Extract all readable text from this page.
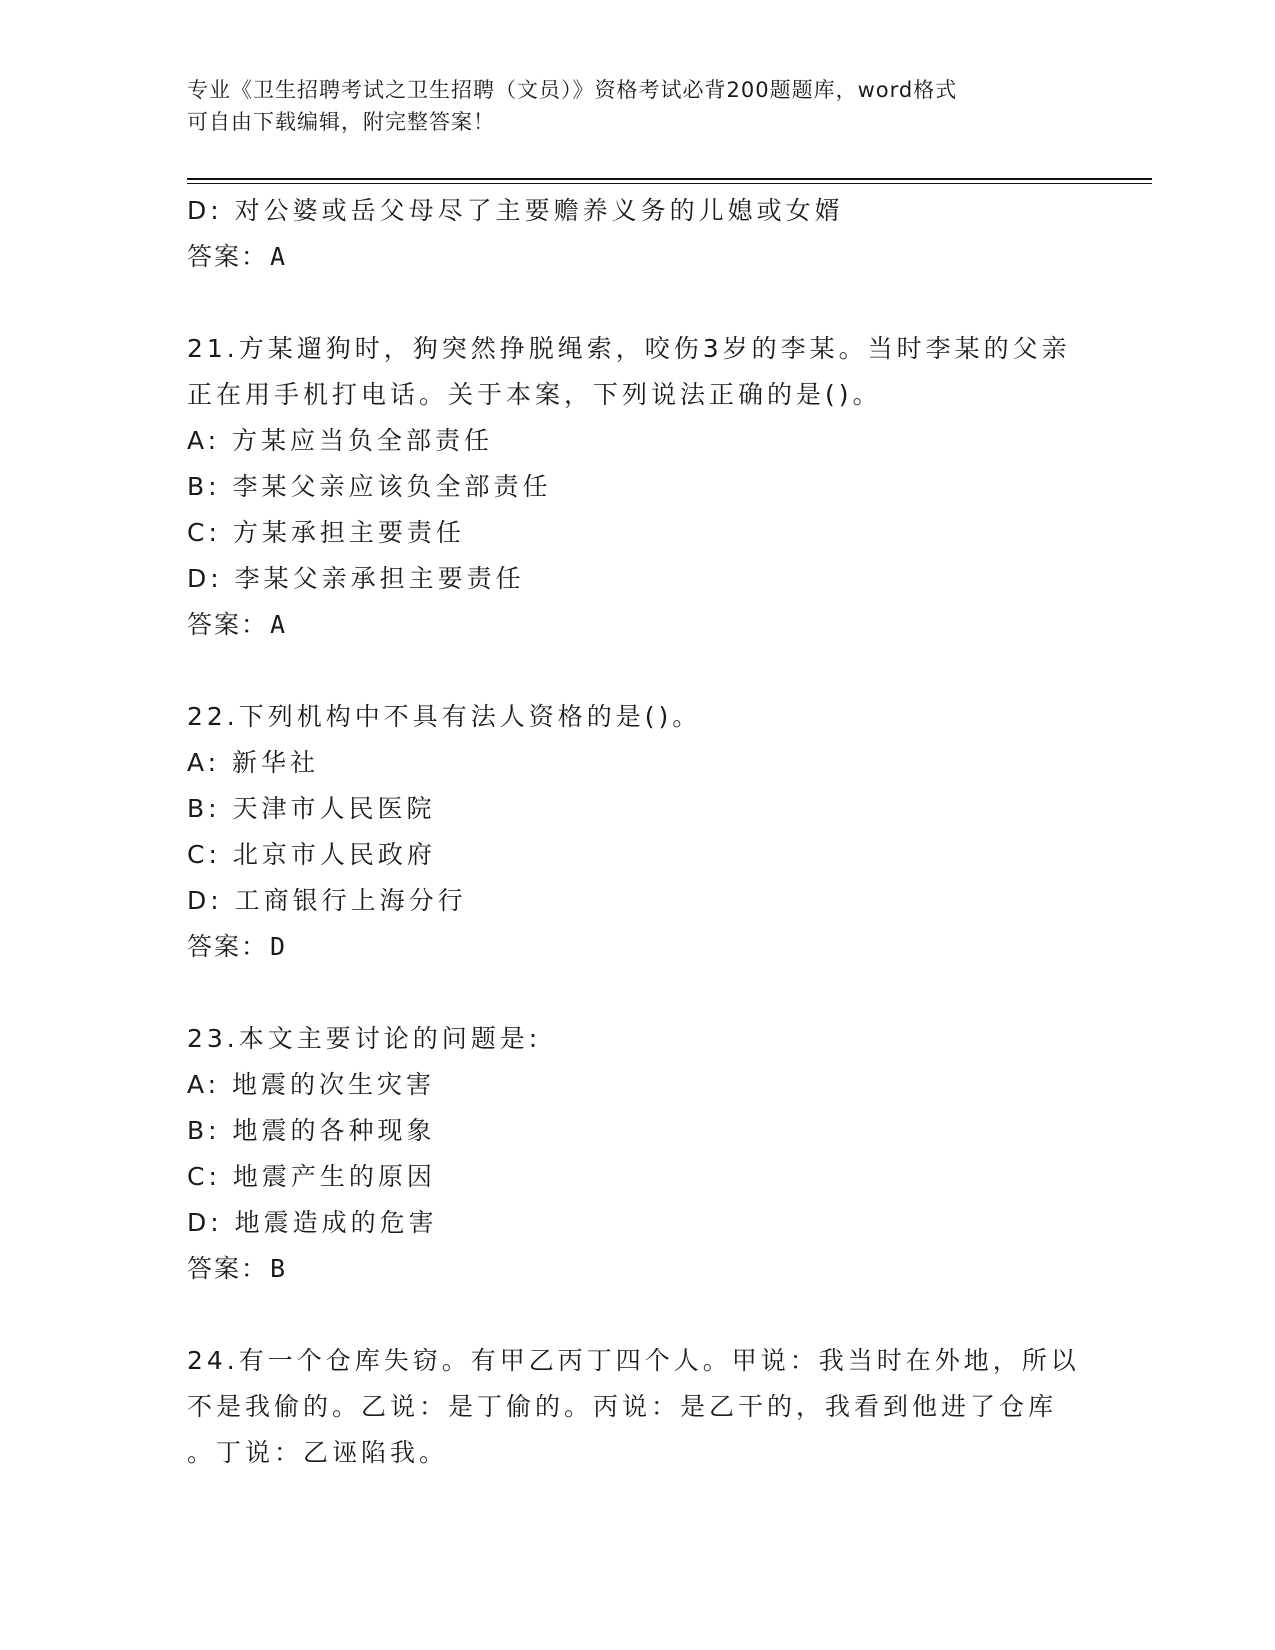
专业《卫生招聘考试之卫生招聘（文员）》资格考试必背200题题库，word格式
可自由下载编辑，附完整答案！
D: 对公婆或岳父母尽了主要赡养义务的儿媳或女婿
答案：A
21.方某遛狗时，狗突然挣脱绳索，咬伤3岁的李某。当时李某的父亲
正在用手机打电话。关于本案，下列说法正确的是()。
A: 方某应当负全部责任
B: 李某父亲应该负全部责任
C: 方某承担主要责任
D: 李某父亲承担主要责任
答案：A
22.下列机构中不具有法人资格的是()。
A: 新华社
B: 天津市人民医院
C: 北京市人民政府
D: 工商银行上海分行
答案：D
23.本文主要讨论的问题是:
A: 地震的次生灾害
B: 地震的各种现象
C: 地震产生的原因
D: 地震造成的危害
答案：B
24.有一个仓库失窃。有甲乙丙丁四个人。甲说：我当时在外地，所以
不是我偷的。乙说：是丁偷的。丙说：是乙干的，我看到他进了仓库
。丁说：乙诬陷我。
